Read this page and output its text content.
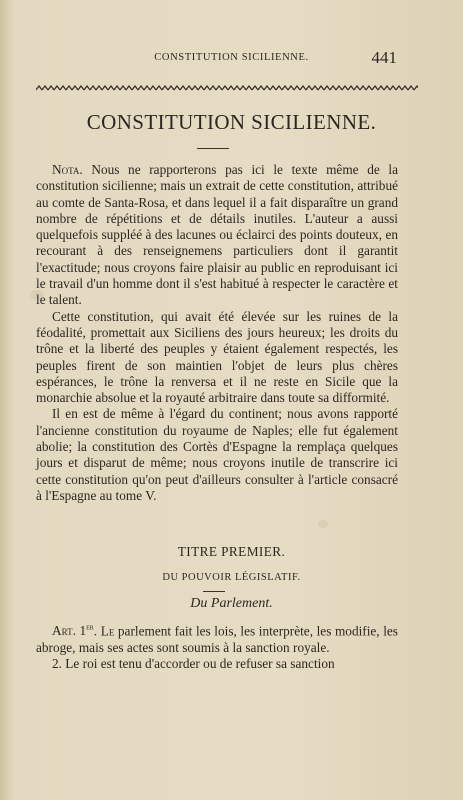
CONSTITUTION SICILIENNE.	441
CONSTITUTION SICILIENNE.

Nota. Nous ne rapporterons pas ici le texte même de la constitution sicilienne; mais un extrait de cette constitution, attribué au comte de Santa-Rosa, et dans lequel il a fait disparaître un grand nombre de répétitions et de détails inutiles. L'auteur a aussi quelquefois suppléé à des lacunes ou éclairci des points douteux, en recourant à des renseignemens particuliers dont il garantit l'exactitude; nous croyons faire plaisir au public en reproduisant ici le travail d'un homme dont il s'est habitué à respecter le caractère et le talent.

Cette constitution, qui avait été élevée sur les ruines de la féodalité, promettait aux Siciliens des jours heureux; les droits du trône et la liberté des peuples y étaient également respectés, les peuples firent de son maintien l'objet de leurs plus chères espérances, le trône la renversa et il ne reste en Sicile que la monarchie absolue et la royauté arbitraire dans toute sa difformité.

Il en est de même à l'égard du continent; nous avons rapporté l'ancienne constitution du royaume de Naples; elle fut également abolie; la constitution des Cortès d'Espagne la remplaça quelques jours et disparut de même; nous croyons inutile de transcrire ici cette constitution qu'on peut d'ailleurs consulter à l'article consacré à l'Espagne au tome V.

TITRE PREMIER.
DU POUVOIR LÉGISLATIF.
Du Parlement.

Art. 1er. Le parlement fait les lois, les interprète, les modifie, les abroge, mais ses actes sont soumis à la sanction royale.

2. Le roi est tenu d'accorder ou de refuser sa sanction
